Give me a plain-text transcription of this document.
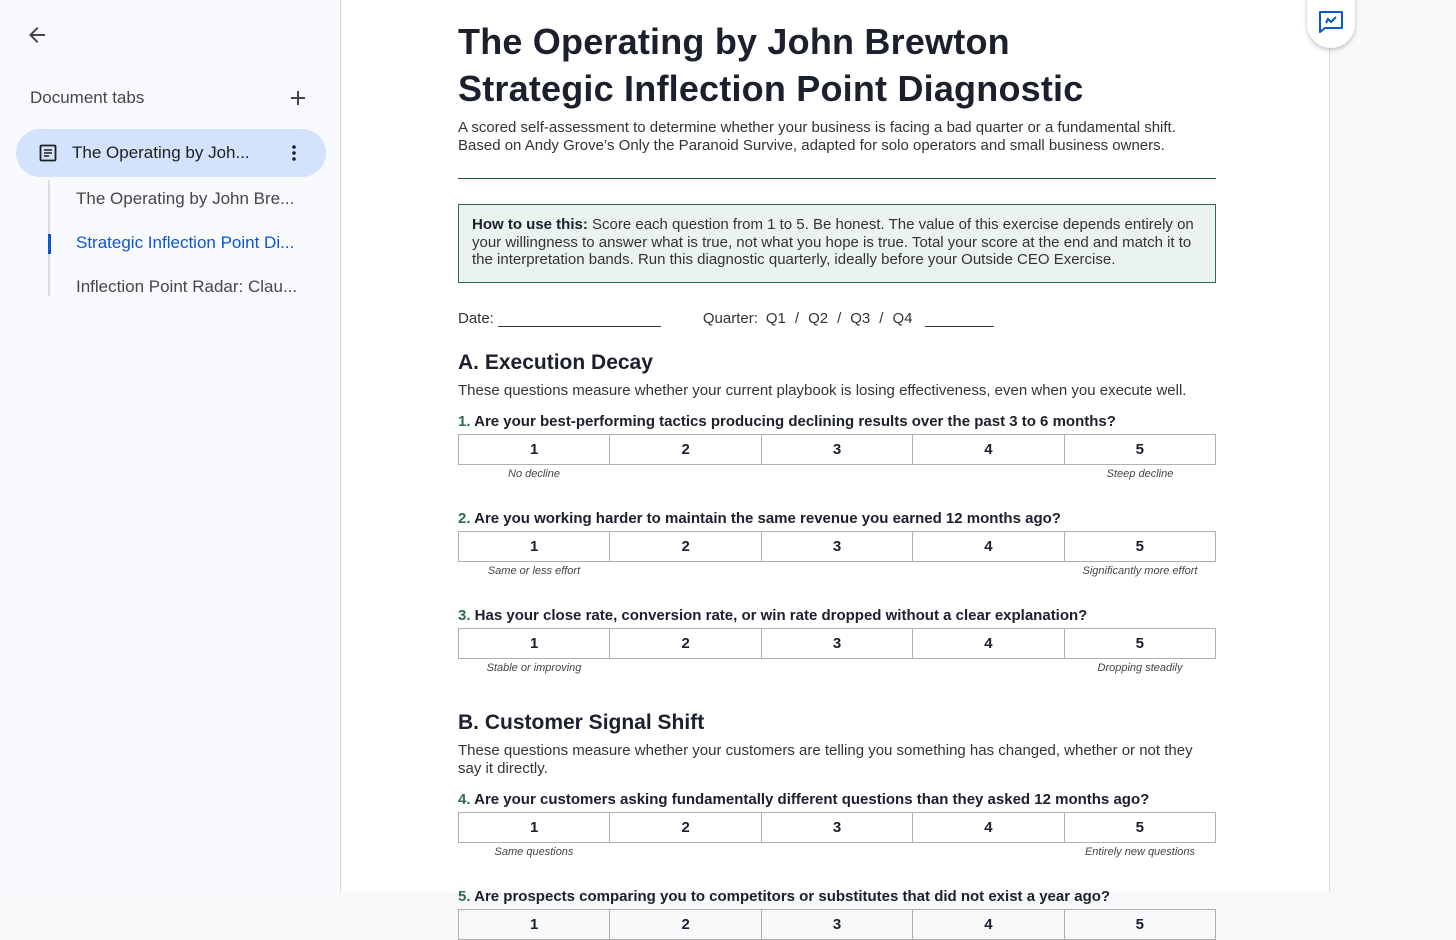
Document tabs
The Operating by Joh...
The Operating by John Bre...
Strategic Inflection Point Di...
Inflection Point Radar: Clau...
The Operating by John Brewton
Strategic Inflection Point Diagnostic

A scored self-assessment to determine whether your business is facing a bad quarter or a fundamental shift. Based on Andy Grove’s Only the Paranoid Survive, adapted for solo operators and small business owners.

How to use this: Score each question from 1 to 5. Be honest. The value of this exercise depends entirely on your willingness to answer what is true, not what you hope is true. Total your score at the end and match it to the interpretation bands. Run this diagnostic quarterly, ideally before your Outside CEO Exercise.
Date:	Quarter: Q1 / Q2 / Q3 / Q4
A. Execution Decay

These questions measure whether your current playbook is losing effectiveness, even when you execute well.

1. Are your best-performing tactics producing declining results over the past 3 to 6 months?
1	2	3	4	5
No decline	Steep decline
2. Are you working harder to maintain the same revenue you earned 12 months ago?
1	2	3	4	5
Same or less effort	Significantly more effort
3. Has your close rate, conversion rate, or win rate dropped without a clear explanation?
1	2	3	4	5
Stable or improving	Dropping steadily
B. Customer Signal Shift

These questions measure whether your customers are telling you something has changed, whether or not they say it directly.

4. Are your customers asking fundamentally different questions than they asked 12 months ago?
1	2	3	4	5
Same questions	Entirely new questions
5. Are prospects comparing you to competitors or substitutes that did not exist a year ago?
1	2	3	4	5
